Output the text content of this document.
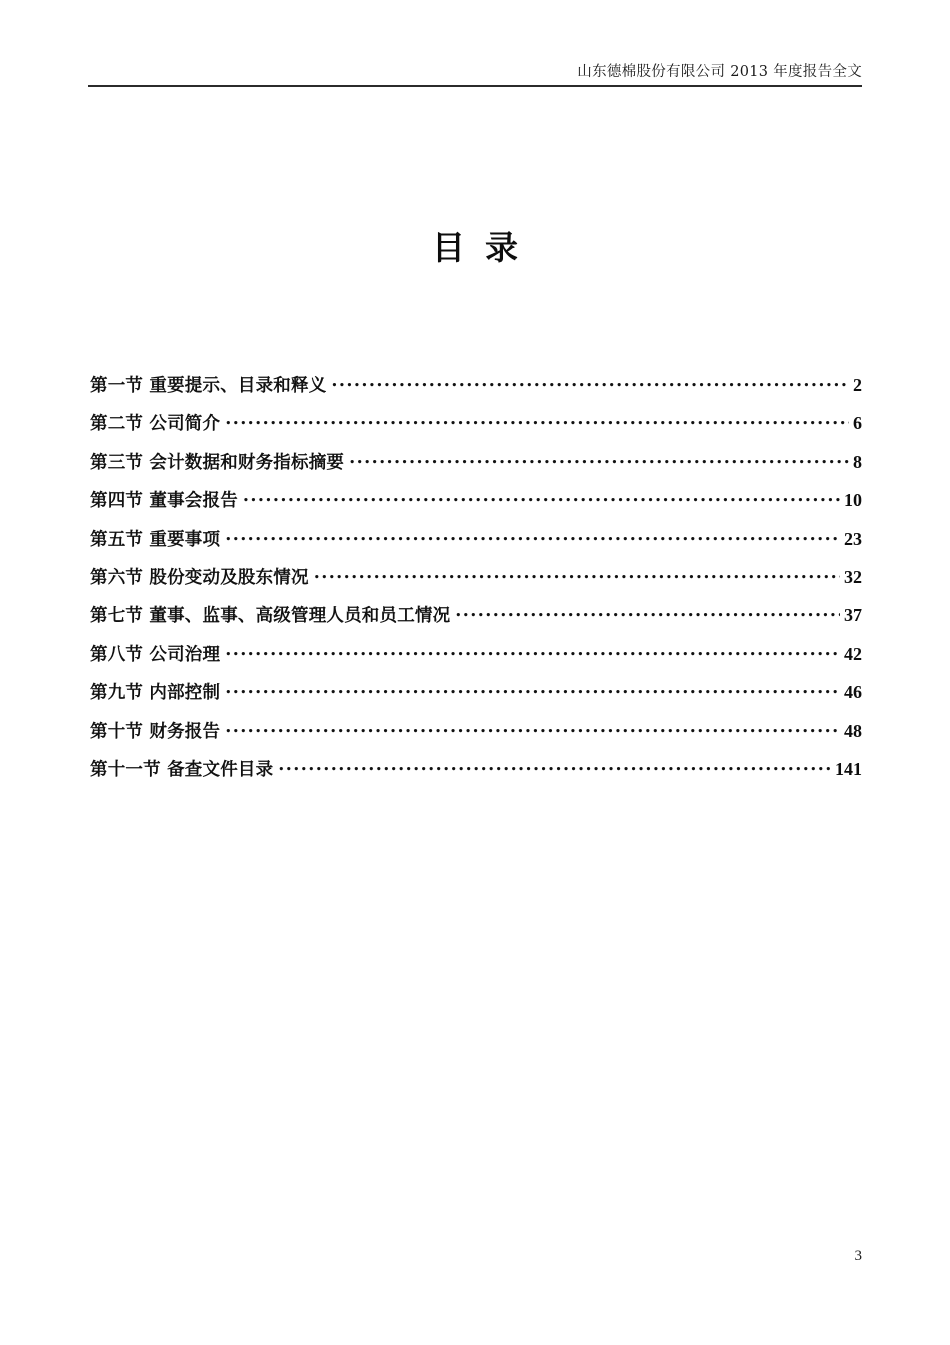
山东德棉股份有限公司 2013 年度报告全文
目录
第一节 重要提示、目录和释义 .....	2
第二节 公司简介 .....	6
第三节 会计数据和财务指标摘要 .....	8
第四节 董事会报告 .....	10
第五节 重要事项 .....	23
第六节 股份变动及股东情况 .....	32
第七节 董事、监事、高级管理人员和员工情况 .....	37
第八节 公司治理 .....	42
第九节 内部控制 .....	46
第十节 财务报告 .....	48
第十一节 备查文件目录 .....	141
3
